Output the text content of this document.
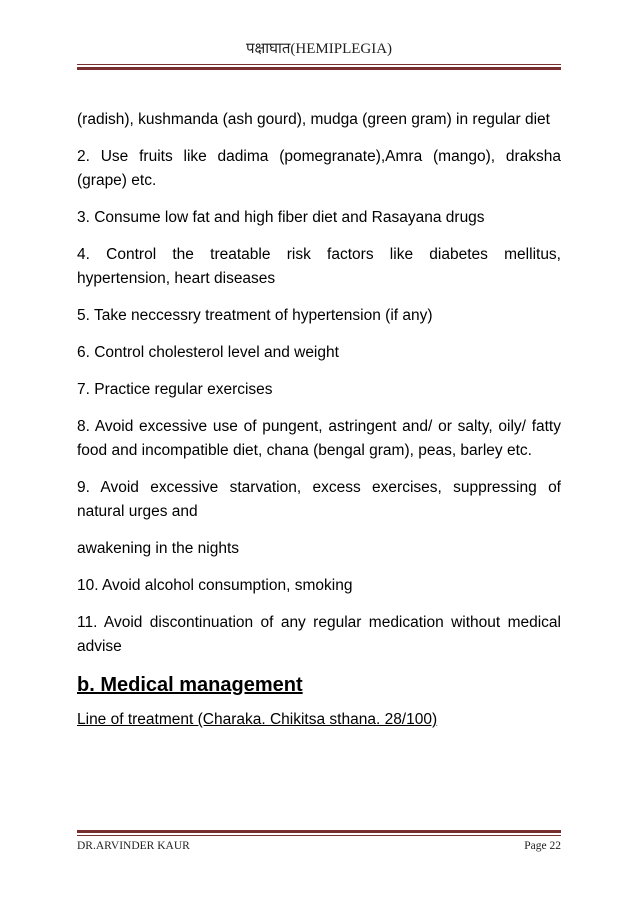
पक्षाघात(HEMIPLEGIA)

(radish), kushmanda (ash gourd), mudga (green gram) in regular diet

2. Use fruits like dadima (pomegranate),Amra (mango), draksha (grape) etc.

3. Consume low fat and high fiber diet and Rasayana drugs

4. Control the treatable risk factors like diabetes mellitus, hypertension, heart diseases

5. Take neccessry treatment of hypertension (if any)

6. Control cholesterol level and weight

7. Practice regular exercises

8. Avoid excessive use of pungent, astringent and/ or salty, oily/ fatty food and incompatible diet, chana (bengal gram), peas, barley etc.

9. Avoid excessive starvation, excess exercises, suppressing of natural urges and

awakening in the nights

10. Avoid alcohol consumption, smoking

11. Avoid discontinuation of any regular medication without medical advise

b. Medical management
Line of treatment (Charaka. Chikitsa sthana. 28/100)
DR.ARVINDER KAUR	Page 22
